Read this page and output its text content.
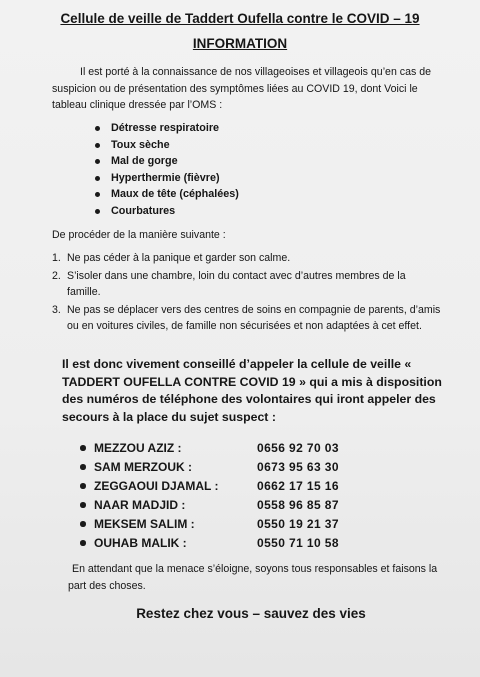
Cellule de veille de Taddert Oufella contre le COVID – 19
INFORMATION
Il est porté à la connaissance de nos villageoises et villageois qu’en cas de suspicion ou de présentation des symptômes liées au COVID 19, dont Voici le tableau clinique dressée par l’OMS :
Détresse respiratoire
Toux sèche
Mal de gorge
Hyperthermie (fièvre)
Maux de tête (céphalées)
Courbatures
De procéder de la manière suivante :
1. Ne pas céder à la panique et garder son calme.
2. S’isoler dans une chambre, loin du contact avec d’autres membres de la famille.
3. Ne pas se déplacer vers des centres de soins en compagnie de parents, d’amis ou en voitures civiles, de famille non sécurisées et non adaptées à cet effet.
Il est donc vivement conseillé d’appeler la cellule de veille « TADDERT OUFELLA CONTRE COVID 19 » qui a mis à disposition des numéros de téléphone des volontaires qui iront appeler des secours à la place du sujet suspect :
MEZZOU AZIZ :	0656 92 70 03
SAM MERZOUK :	0673 95 63 30
ZEGGAOUI DJAMAL :	0662 17 15 16
NAAR MADJID :	0558 96 85 87
MEKSEM SALIM :	0550 19 21 37
OUHAB MALIK :	0550 71 10 58
En attendant que la menace s’éloigne, soyons tous responsables et faisons la part des choses.
Restez chez vous – sauvez des vies
